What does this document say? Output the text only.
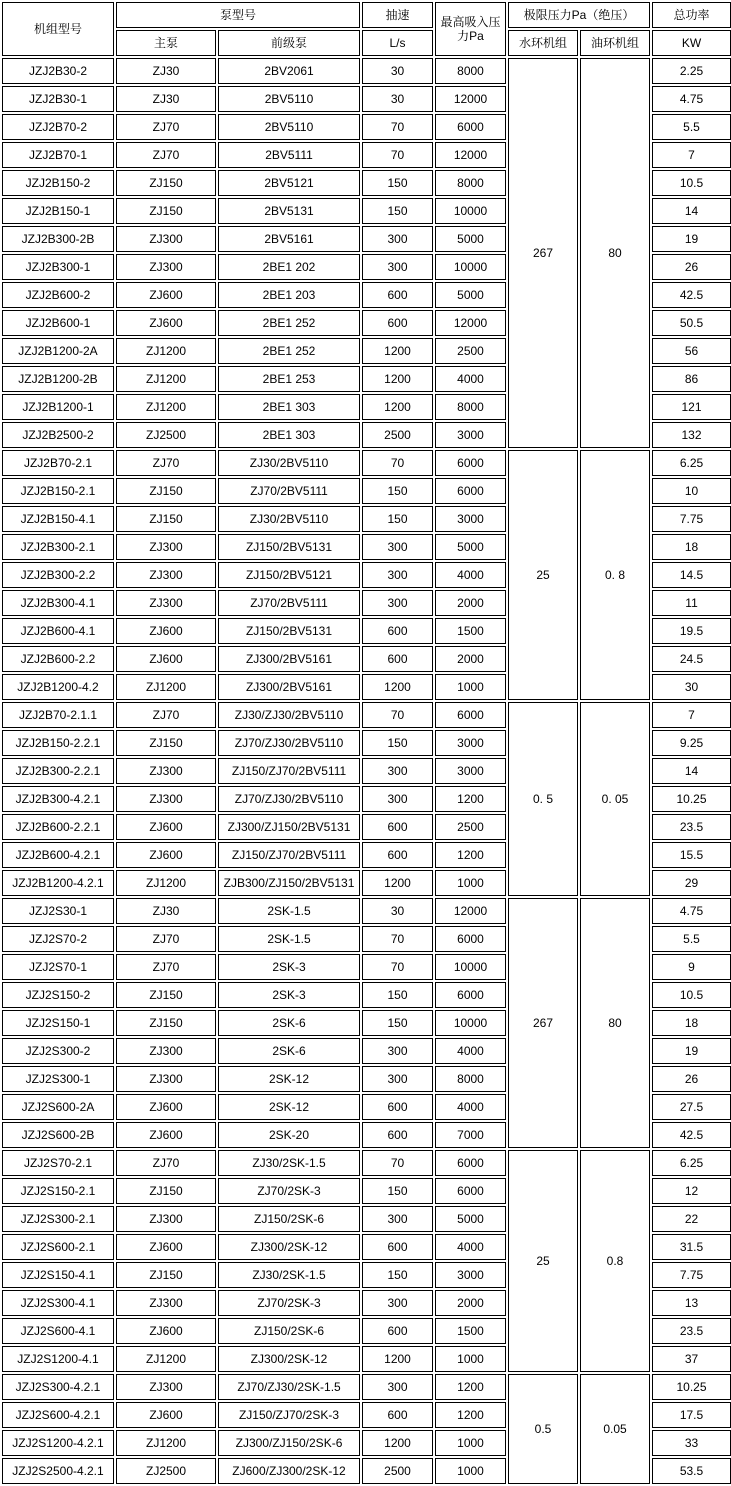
机组型号	泵型号		抽速	最高吸入压力Pa	极限压力Pa（绝压）		总功率
	主泵	前级泵	L/s		水环机组	油环机组	KW
JZJ2B30-2	ZJ30	2BV2061	30	8000	267	80	2.25
JZJ2B30-1	ZJ30	2BV5110	30	12000			4.75
JZJ2B70-2	ZJ70	2BV5110	70	6000			5.5
JZJ2B70-1	ZJ70	2BV5111	70	12000			7
JZJ2B150-2	ZJ150	2BV5121	150	8000			10.5
JZJ2B150-1	ZJ150	2BV5131	150	10000			14
JZJ2B300-2B	ZJ300	2BV5161	300	5000			19
JZJ2B300-1	ZJ300	2BE1 202	300	10000			26
JZJ2B600-2	ZJ600	2BE1 203	600	5000			42.5
JZJ2B600-1	ZJ600	2BE1 252	600	12000			50.5
JZJ2B1200-2A	ZJ1200	2BE1 252	1200	2500			56
JZJ2B1200-2B	ZJ1200	2BE1 253	1200	4000			86
JZJ2B1200-1	ZJ1200	2BE1 303	1200	8000			121
JZJ2B2500-2	ZJ2500	2BE1 303	2500	3000			132
JZJ2B70-2.1	ZJ70	ZJ30/2BV5110	70	6000	25	0. 8	6.25
JZJ2B150-2.1	ZJ150	ZJ70/2BV5111	150	6000			10
JZJ2B150-4.1	ZJ150	ZJ30/2BV5110	150	3000			7.75
JZJ2B300-2.1	ZJ300	ZJ150/2BV5131	300	5000			18
JZJ2B300-2.2	ZJ300	ZJ150/2BV5121	300	4000			14.5
JZJ2B300-4.1	ZJ300	ZJ70/2BV5111	300	2000			11
JZJ2B600-4.1	ZJ600	ZJ150/2BV5131	600	1500			19.5
JZJ2B600-2.2	ZJ600	ZJ300/2BV5161	600	2000			24.5
JZJ2B1200-4.2	ZJ1200	ZJ300/2BV5161	1200	1000			30
JZJ2B70-2.1.1	ZJ70	ZJ30/ZJ30/2BV5110	70	6000	0. 5	0. 05	7
JZJ2B150-2.2.1	ZJ150	ZJ70/ZJ30/2BV5110	150	3000			9.25
JZJ2B300-2.2.1	ZJ300	ZJ150/ZJ70/2BV5111	300	3000			14
JZJ2B300-4.2.1	ZJ300	ZJ70/ZJ30/2BV5110	300	1200			10.25
JZJ2B600-2.2.1	ZJ600	ZJ300/ZJ150/2BV5131	600	2500			23.5
JZJ2B600-4.2.1	ZJ600	ZJ150/ZJ70/2BV5111	600	1200			15.5
JZJ2B1200-4.2.1	ZJ1200	ZJB300/ZJ150/2BV5131	1200	1000			29
JZJ2S30-1	ZJ30	2SK-1.5	30	12000	267	80	4.75
JZJ2S70-2	ZJ70	2SK-1.5	70	6000			5.5
JZJ2S70-1	ZJ70	2SK-3	70	10000			9
JZJ2S150-2	ZJ150	2SK-3	150	6000			10.5
JZJ2S150-1	ZJ150	2SK-6	150	10000			18
JZJ2S300-2	ZJ300	2SK-6	300	4000			19
JZJ2S300-1	ZJ300	2SK-12	300	8000			26
JZJ2S600-2A	ZJ600	2SK-12	600	4000			27.5
JZJ2S600-2B	ZJ600	2SK-20	600	7000			42.5
JZJ2S70-2.1	ZJ70	ZJ30/2SK-1.5	70	6000	25	0.8	6.25
JZJ2S150-2.1	ZJ150	ZJ70/2SK-3	150	6000			12
JZJ2S300-2.1	ZJ300	ZJ150/2SK-6	300	5000			22
JZJ2S600-2.1	ZJ600	ZJ300/2SK-12	600	4000			31.5
JZJ2S150-4.1	ZJ150	ZJ30/2SK-1.5	150	3000			7.75
JZJ2S300-4.1	ZJ300	ZJ70/2SK-3	300	2000			13
JZJ2S600-4.1	ZJ600	ZJ150/2SK-6	600	1500			23.5
JZJ2S1200-4.1	ZJ1200	ZJ300/2SK-12	1200	1000			37
JZJ2S300-4.2.1	ZJ300	ZJ70/ZJ30/2SK-1.5	300	1200	0.5	0.05	10.25
JZJ2S600-4.2.1	ZJ600	ZJ150/ZJ70/2SK-3	600	1200			17.5
JZJ2S1200-4.2.1	ZJ1200	ZJ300/ZJ150/2SK-6	1200	1000			33
JZJ2S2500-4.2.1	ZJ2500	ZJ600/ZJ300/2SK-12	2500	1000			53.5
